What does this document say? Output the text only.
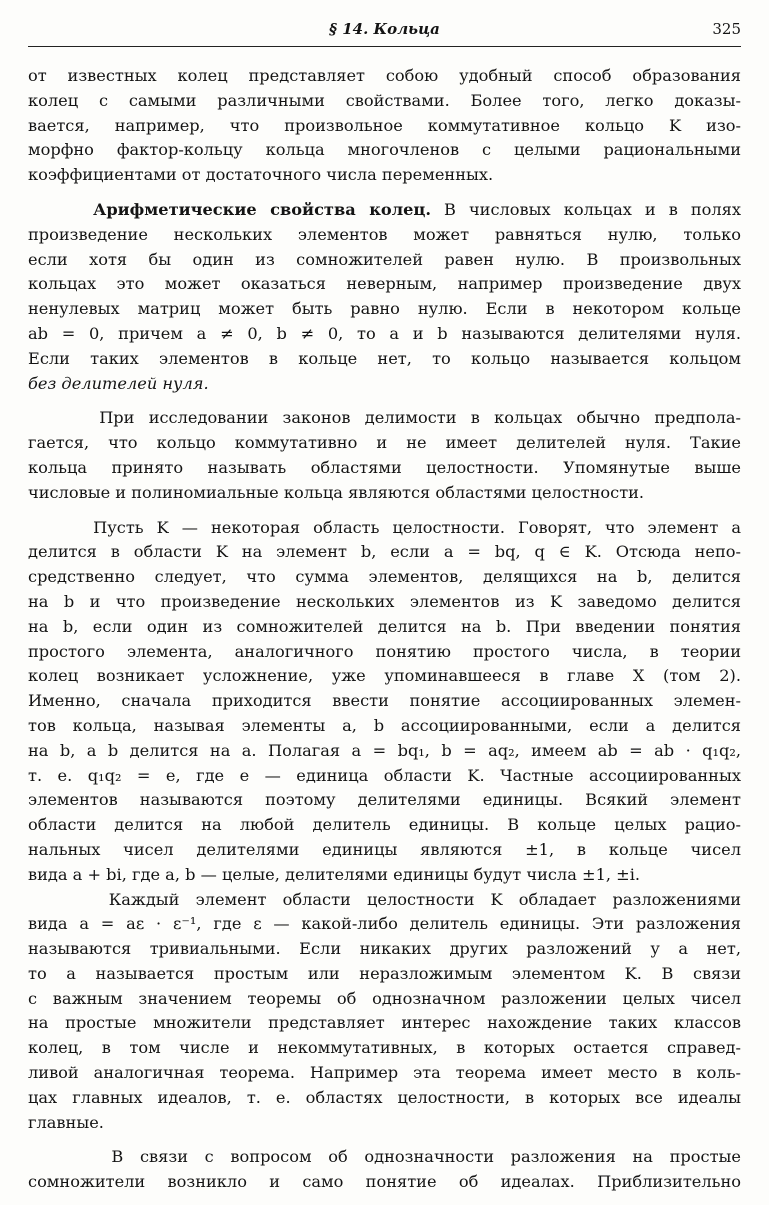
§ 14. Кольца	325

от известных колец представляет собою удобный способ образования
колец с самыми различными свойствами. Более того, легко доказы-
вается, например, что произвольное коммутативное кольцо K изо-
морфно фактор-кольцу кольца многочленов с целыми рациональными
коэффициентами от достаточного числа переменных.

Арифметические свойства колец. В числовых кольцах и в полях
произведение нескольких элементов может равняться нулю, только
если хотя бы один из сомножителей равен нулю. В произвольных
кольцах это может оказаться неверным, например произведение двух
ненулевых матриц может быть равно нулю. Если в некотором кольце
ab = 0, причем a ≠ 0, b ≠ 0, то a и b называются делителями нуля.
Если таких элементов в кольце нет, то кольцо называется кольцом
без делителей нуля.

При исследовании законов делимости в кольцах обычно предпола-
гается, что кольцо коммутативно и не имеет делителей нуля. Такие
кольца принято называть областями целостности. Упомянутые выше
числовые и полиномиальные кольца являются областями целостности.

Пусть K — некоторая область целостности. Говорят, что элемент a
делится в области K на элемент b, если a = bq, q ∈ K. Отсюда непо-
средственно следует, что сумма элементов, делящихся на b, делится
на b и что произведение нескольких элементов из K заведомо делится
на b, если один из сомножителей делится на b. При введении понятия
простого элемента, аналогичного понятию простого числа, в теории
колец возникает усложнение, уже упоминавшееся в главе X (том 2).
Именно, сначала приходится ввести понятие ассоциированных элемен-
тов кольца, называя элементы a, b ассоциированными, если a делится
на b, а b делится на a. Полагая a = bq₁, b = aq₂, имеем ab = ab · q₁q₂,
т. е. q₁q₂ = e, где e — единица области K. Частные ассоциированных
элементов называются поэтому делителями единицы. Всякий элемент
области делится на любой делитель единицы. В кольце целых рацио-
нальных чисел делителями единицы являются ±1, в кольце чисел
вида a + bi, где a, b — целые, делителями единицы будут числа ±1, ±i.

Каждый элемент области целостности K обладает разложениями
вида a = aε · ε⁻¹, где ε — какой-либо делитель единицы. Эти разложения
называются тривиальными. Если никаких других разложений у a нет,
то a называется простым или неразложимым элементом K. В связи
с важным значением теоремы об однозначном разложении целых чисел
на простые множители представляет интерес нахождение таких классов
колец, в том числе и некоммутативных, в которых остается справед-
ливой аналогичная теорема. Например эта теорема имеет место в коль-
цах главных идеалов, т. е. областях целостности, в которых все идеалы
главные.

В связи с вопросом об однозначности разложения на простые
сомножители возникло и само понятие об идеалах. Приблизительно
